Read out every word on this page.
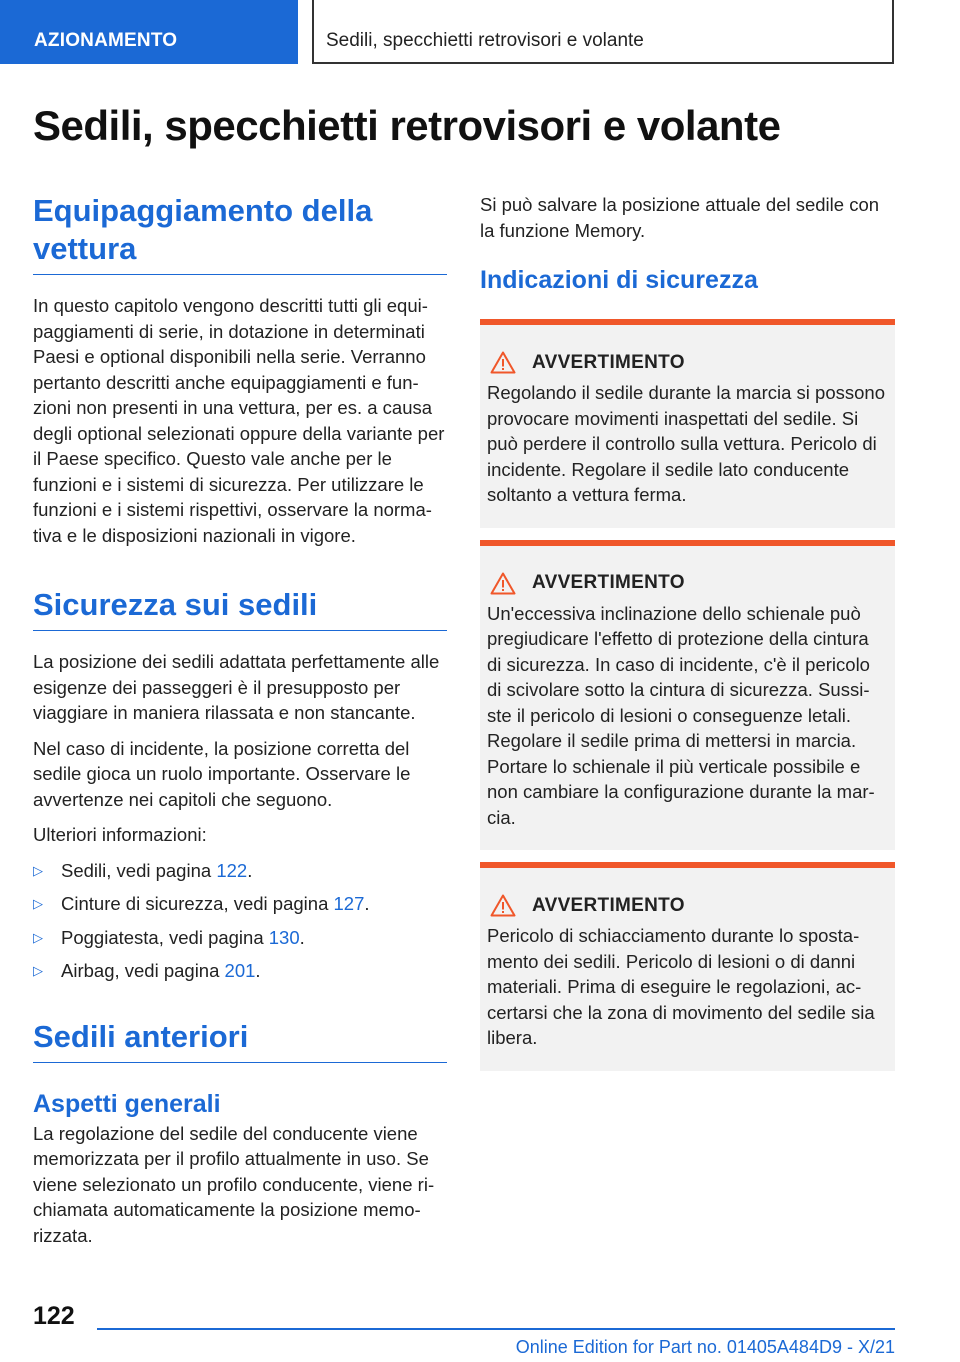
AZIONAMENTO	Sedili, specchietti retrovisori e volante
Sedili, specchietti retrovisori e volante
Equipaggiamento della vettura

In questo capitolo vengono descritti tutti gli equipaggiamenti di serie, in dotazione in determinati Paesi e optional disponibili nella serie. Verranno pertanto descritti anche equipaggiamenti e funzioni non presenti in una vettura, per es. a causa degli optional selezionati oppure della variante per il Paese specifico. Questo vale anche per le funzioni e i sistemi di sicurezza. Per utilizzare le funzioni e i sistemi rispettivi, osservare la normativa e le disposizioni nazionali in vigore.

Sicurezza sui sedili

La posizione dei sedili adattata perfettamente alle esigenze dei passeggeri è il presupposto per viaggiare in maniera rilassata e non stancante.

Nel caso di incidente, la posizione corretta del sedile gioca un ruolo importante. Osservare le avvertenze nei capitoli che seguono.

Ulteriori informazioni:

▷ Sedili, vedi pagina 122.
▷ Cinture di sicurezza, vedi pagina 127.
▷ Poggiatesta, vedi pagina 130.
▷ Airbag, vedi pagina 201.
Sedili anteriori
Aspetti generali

La regolazione del sedile del conducente viene memorizzata per il profilo attualmente in uso. Se viene selezionato un profilo conducente, viene richiamata automaticamente la posizione memorizzata.

Si può salvare la posizione attuale del sedile con la funzione Memory.

Indicazioni di sicurezza
AVVERTIMENTO

Regolando il sedile durante la marcia si possono provocare movimenti inaspettati del sedile. Si può perdere il controllo sulla vettura. Pericolo di incidente. Regolare il sedile lato conducente soltanto a vettura ferma.

AVVERTIMENTO

Un'eccessiva inclinazione dello schienale può pregiudicare l'effetto di protezione della cintura di sicurezza. In caso di incidente, c'è il pericolo di scivolare sotto la cintura di sicurezza. Sussiste il pericolo di lesioni o conseguenze letali. Regolare il sedile prima di mettersi in marcia. Portare lo schienale il più verticale possibile e non cambiare la configurazione durante la marcia.

AVVERTIMENTO

Pericolo di schiacciamento durante lo spostamento dei sedili. Pericolo di lesioni o di danni materiali. Prima di eseguire le regolazioni, accertarsi che la zona di movimento del sedile sia libera.

122
Online Edition for Part no. 01405A484D9 - X/21
